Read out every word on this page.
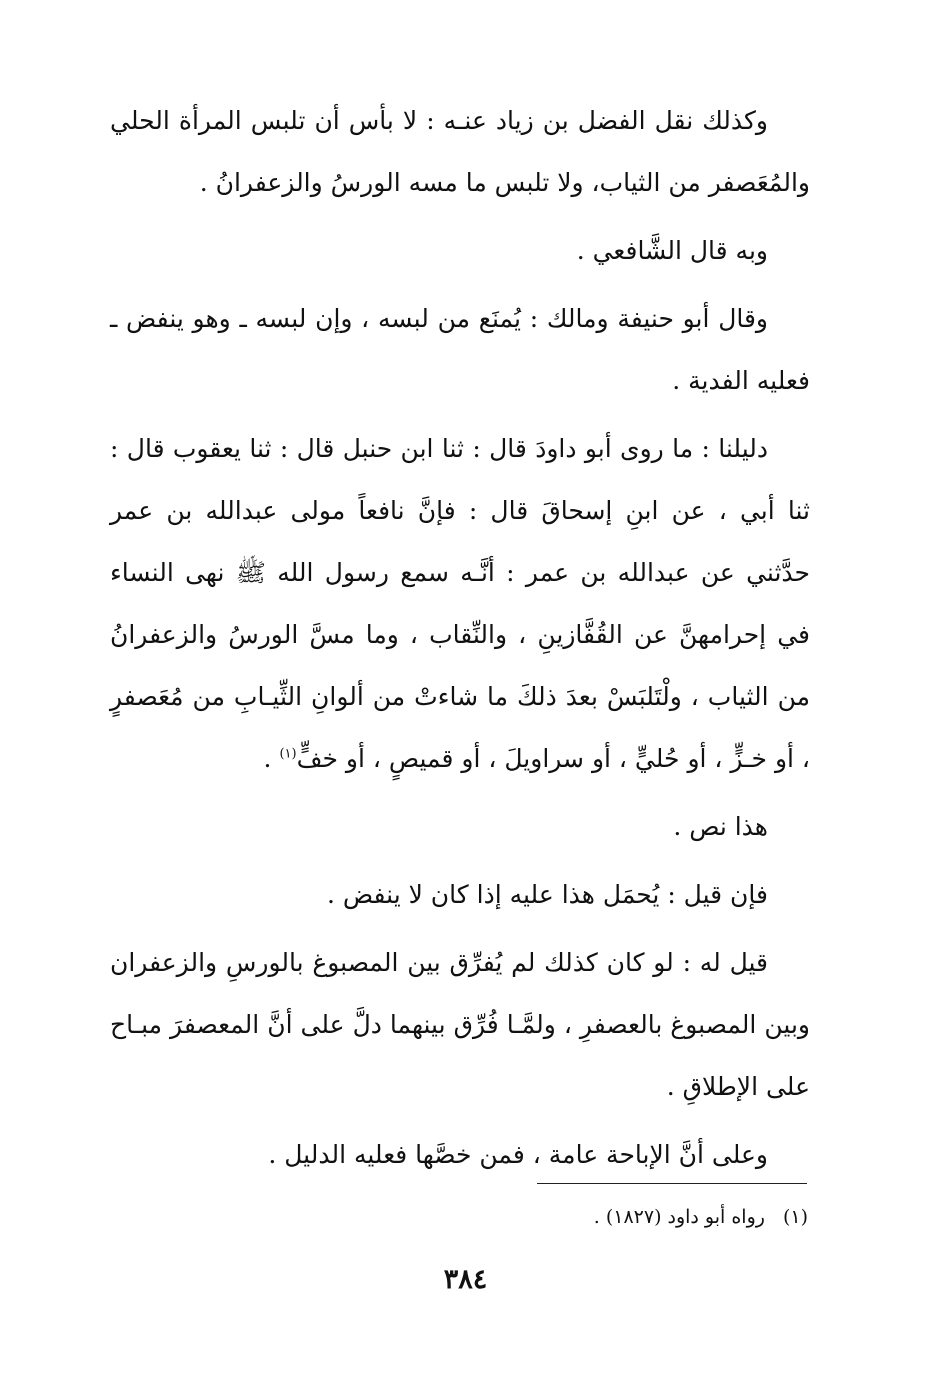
وكذلك نقل الفضل بن زياد عنـه : لا بأس أن تلبس المرأة الحلي والمُعَصفر من الثياب، ولا تلبس ما مسه الورسُ والزعفرانُ .

وبه قال الشَّافعي .

وقال أبو حنيفة ومالك : يُمنَع من لبسه ، وإن لبسه ـ وهو ينفض ـ فعليه الفدية .

دليلنا : ما روى أبو داودَ قال : ثنا ابن حنبل قال : ثنا يعقوب قال : ثنا أبي ، عن ابنِ إسحاقَ قال : فإنَّ نافعاً مولى عبدالله بن عمر حدَّثني عن عبدالله بن عمر : أنَّـه سمع رسول الله ﷺ نهى النساء في إحرامهنَّ عن القُفَّازينِ ، والنِّقاب ، وما مسَّ الورسُ والزعفرانُ من الثياب ، ولْتَلبَسْ بعدَ ذلكَ ما شاءتْ من ألوانِ الثِّيـابِ من مُعَصفرٍ ، أو خـزٍّ ، أو حُليٍّ ، أو سراويلَ ، أو قميصٍ ، أو خفٍّ$^{(١)}$ .

هذا نص .

فإن قيل : يُحمَل هذا عليه إذا كان لا ينفض .

قيل له : لو كان كذلك لم يُفرِّق بين المصبوغ بالورسِ والزعفران وبين المصبوغ بالعصفرِ ، ولمَّـا فُرِّق بينهما دلَّ على أنَّ المعصفرَ مبـاح على الإطلاقِ .

وعلى أنَّ الإباحة عامة ، فمن خصَّها فعليه الدليل .

(١)رواه أبو داود (١٨٢٧) .
٣٨٤
